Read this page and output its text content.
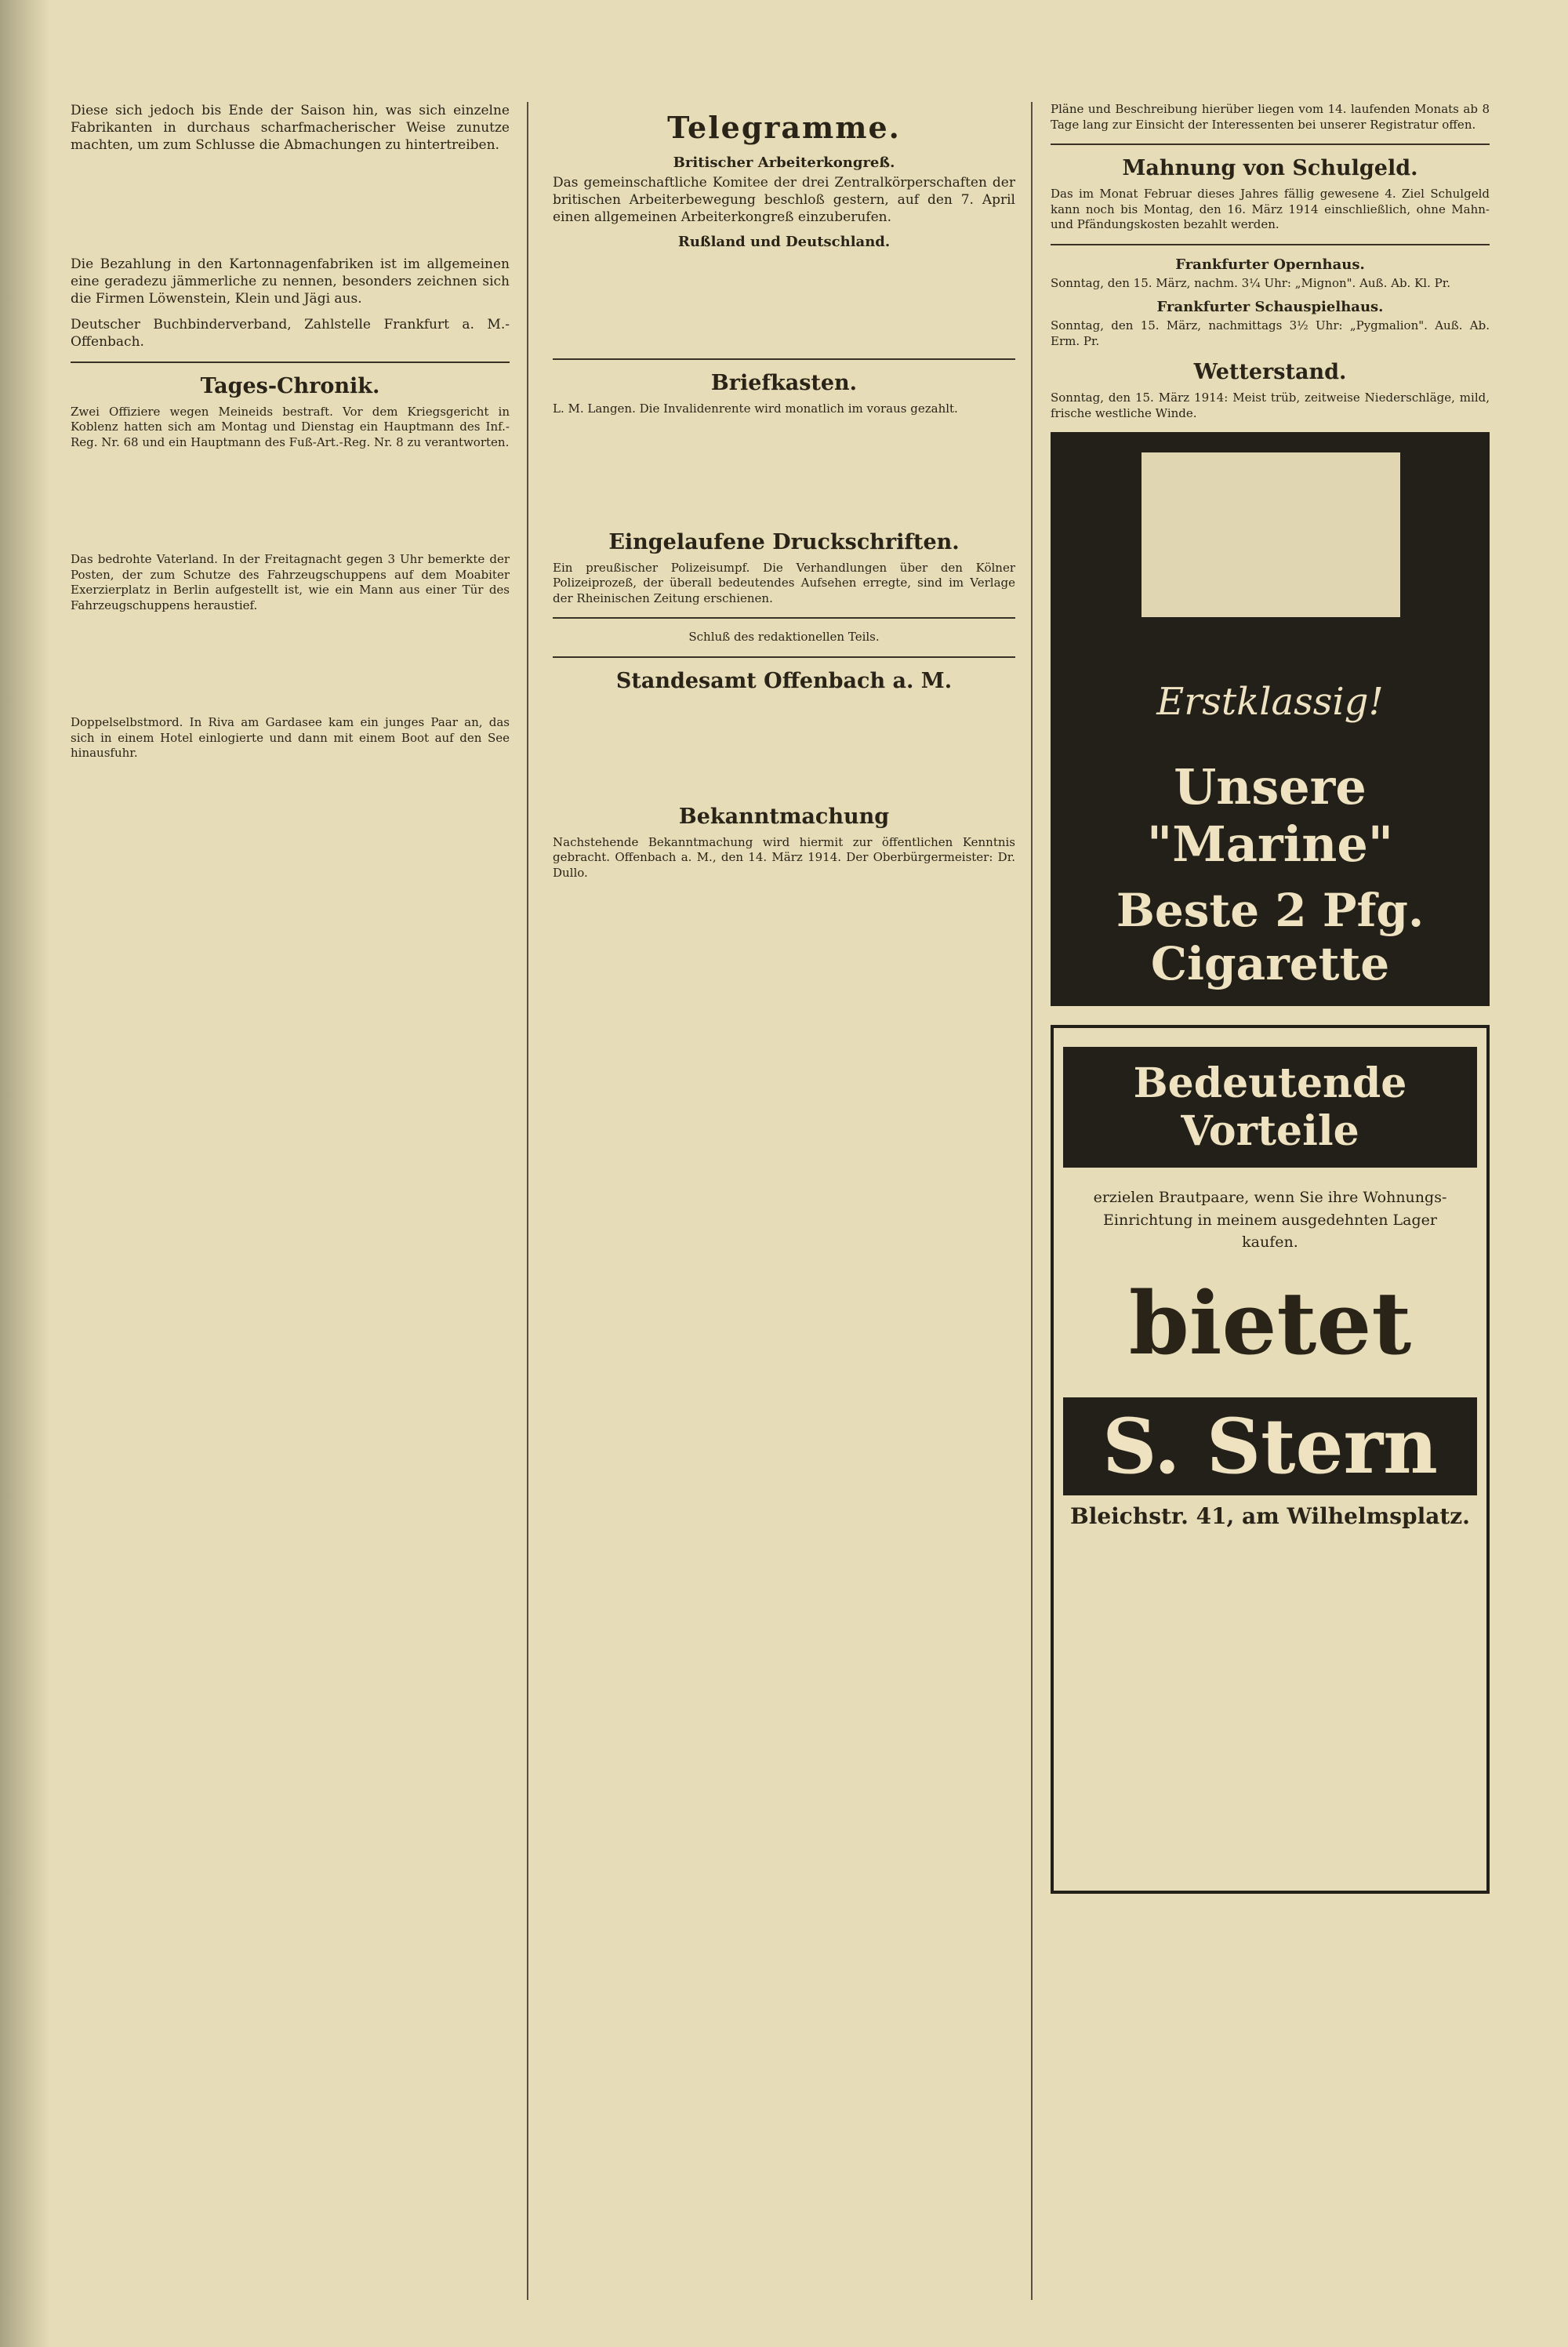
Diese sich jedoch bis Ende der Saison hin, was sich einzelne Fabrikanten in durchaus scharfmacherischer Weise zunutze machten, um zum Schlusse die Abmachungen zu hintertreiben.

Die Bezahlung in den Kartonnagenfabriken ist im allgemeinen eine geradezu jämmerliche zu nennen, besonders zeichnen sich die Firmen Löwenstein, Klein und Jägi aus.

Deutscher Buchbinderverband, Zahlstelle Frankfurt a. M.-Offenbach.

Tages-Chronik.

Zwei Offiziere wegen Meineids bestraft. Vor dem Kriegsgericht in Koblenz hatten sich am Montag und Dienstag ein Hauptmann des Inf.-Reg. Nr. 68 und ein Hauptmann des Fuß-Art.-Reg. Nr. 8 zu verantworten.

Das bedrohte Vaterland. In der Freitagnacht gegen 3 Uhr bemerkte der Posten, der zum Schutze des Fahrzeugschuppens auf dem Moabiter Exerzierplatz in Berlin aufgestellt ist, wie ein Mann aus einer Tür des Fahrzeugschuppens heraustief.

Doppelselbstmord. In Riva am Gardasee kam ein junges Paar an, das sich in einem Hotel einlogierte und dann mit einem Boot auf den See hinausfuhr.

Telegramme.
Britischer Arbeiterkongreß.

Das gemeinschaftliche Komitee der drei Zentralkörperschaften der britischen Arbeiterbewegung beschloß gestern, auf den 7. April einen allgemeinen Arbeiterkongreß einzuberufen.

Rußland und Deutschland.
Briefkasten.

L. M. Langen. Die Invalidenrente wird monatlich im voraus gezahlt.

Eingelaufene Druckschriften.

Ein preußischer Polizeisumpf. Die Verhandlungen über den Kölner Polizeiprozeß, der überall bedeutendes Aufsehen erregte, sind im Verlage der Rheinischen Zeitung erschienen.

Schluß des redaktionellen Teils.

Standesamt Offenbach a. M.
Bekanntmachung

Nachstehende Bekanntmachung wird hiermit zur öffentlichen Kenntnis gebracht. Offenbach a. M., den 14. März 1914. Der Oberbürgermeister: Dr. Dullo.

Pläne und Beschreibung hierüber liegen vom 14. laufenden Monats ab 8 Tage lang zur Einsicht der Interessenten bei unserer Registratur offen.

Mahnung von Schulgeld.

Das im Monat Februar dieses Jahres fällig gewesene 4. Ziel Schulgeld kann noch bis Montag, den 16. März 1914 einschließlich, ohne Mahn- und Pfändungskosten bezahlt werden.

Frankfurter Opernhaus.

Sonntag, den 15. März, nachm. 3¼ Uhr: „Mignon". Auß. Ab. Kl. Pr.

Frankfurter Schauspielhaus.

Sonntag, den 15. März, nachmittags 3½ Uhr: „Pygmalion". Auß. Ab. Erm. Pr.

Wetterstand.

Sonntag, den 15. März 1914: Meist trüb, zeitweise Niederschläge, mild, frische westliche Winde.

Erstklassig!
Unsere "Marine"
Beste 2 Pfg. Cigarette
Bedeutende Vorteile
erzielen Brautpaare, wenn Sie ihre Wohnungs-Einrichtung in meinem ausgedehnten Lager kaufen.
bietet
S. Stern
Bleichstr. 41, am Wilhelmsplatz.
